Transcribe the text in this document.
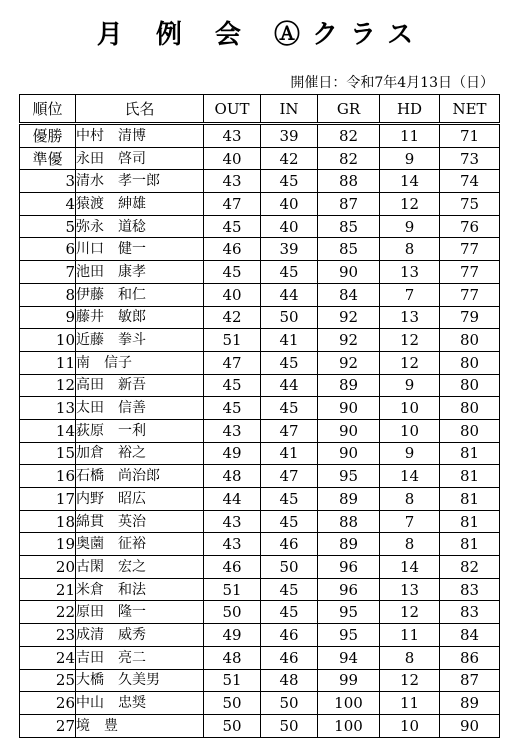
月 例 会 Ⓐクラス
開催日：令和7年4月13日（日）
順位	氏名	OUT	IN	GR	HD	NET
優勝	中村　清博	43	39	82	11	71
準優	永田　啓司	40	42	82	9	73
3	清水　孝一郎	43	45	88	14	74
4	猿渡　紳雄	47	40	87	12	75
5	弥永　道稔	45	40	85	9	76
6	川口　健一	46	39	85	8	77
7	池田　康孝	45	45	90	13	77
8	伊藤　和仁	40	44	84	7	77
9	藤井　敏郎	42	50	92	13	79
10	近藤　拳斗	51	41	92	12	80
11	南　信子	47	45	92	12	80
12	高田　新吾	45	44	89	9	80
13	太田　信善	45	45	90	10	80
14	荻原　一利	43	47	90	10	80
15	加倉　裕之	49	41	90	9	81
16	石橋　尚治郎	48	47	95	14	81
17	内野　昭広	44	45	89	8	81
18	綿貫　英治	43	45	88	7	81
19	奥薗　征裕	43	46	89	8	81
20	古閑　宏之	46	50	96	14	82
21	米倉　和法	51	45	96	13	83
22	原田　隆一	50	45	95	12	83
23	成清　威秀	49	46	95	11	84
24	吉田　亮二	48	46	94	8	86
25	大橋　久美男	51	48	99	12	87
26	中山　忠奨	50	50	100	11	89
27	境　豊	50	50	100	10	90
